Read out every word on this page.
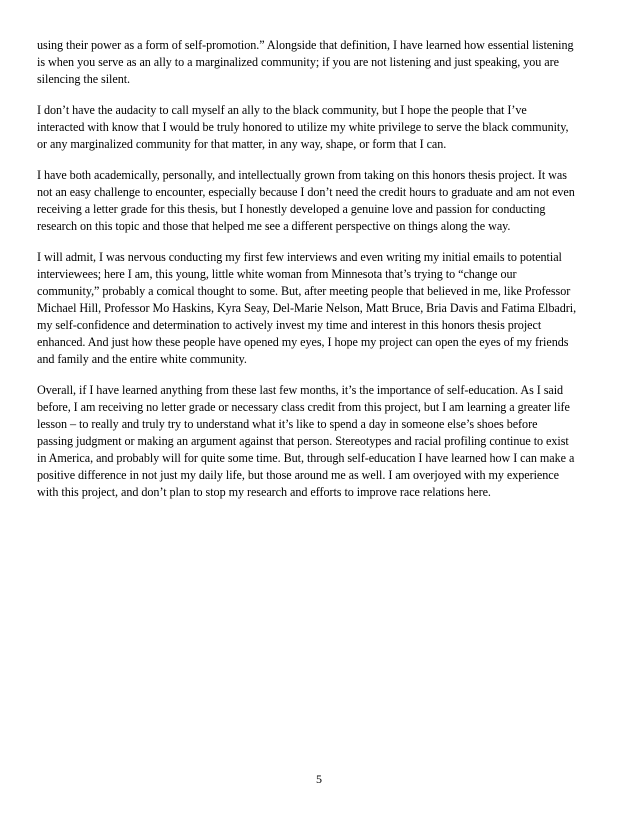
using their power as a form of self-promotion.” Alongside that definition, I have learned how essential listening
is when you serve as an ally to a marginalized community; if you are not listening and just speaking, you are
silencing the silent.

I don’t have the audacity to call myself an ally to the black community, but I hope the people that I’ve
interacted with know that I would be truly honored to utilize my white privilege to serve the black community,
or any marginalized community for that matter, in any way, shape, or form that I can.

I have both academically, personally, and intellectually grown from taking on this honors thesis project. It was
not an easy challenge to encounter, especially because I don’t need the credit hours to graduate and am not even
receiving a letter grade for this thesis, but I honestly developed a genuine love and passion for conducting
research on this topic and those that helped me see a different perspective on things along the way.

I will admit, I was nervous conducting my first few interviews and even writing my initial emails to potential
interviewees; here I am, this young, little white woman from Minnesota that’s trying to “change our
community,” probably a comical thought to some. But, after meeting people that believed in me, like Professor
Michael Hill, Professor Mo Haskins, Kyra Seay, Del-Marie Nelson, Matt Bruce, Bria Davis and Fatima Elbadri,
my self-confidence and determination to actively invest my time and interest in this honors thesis project
enhanced. And just how these people have opened my eyes, I hope my project can open the eyes of my friends
and family and the entire white community.

Overall, if I have learned anything from these last few months, it’s the importance of self-education. As I said
before, I am receiving no letter grade or necessary class credit from this project, but I am learning a greater life
lesson – to really and truly try to understand what it’s like to spend a day in someone else’s shoes before
passing judgment or making an argument against that person. Stereotypes and racial profiling continue to exist
in America, and probably will for quite some time. But, through self-education I have learned how I can make a
positive difference in not just my daily life, but those around me as well. I am overjoyed with my experience
with this project, and don’t plan to stop my research and efforts to improve race relations here.

5
